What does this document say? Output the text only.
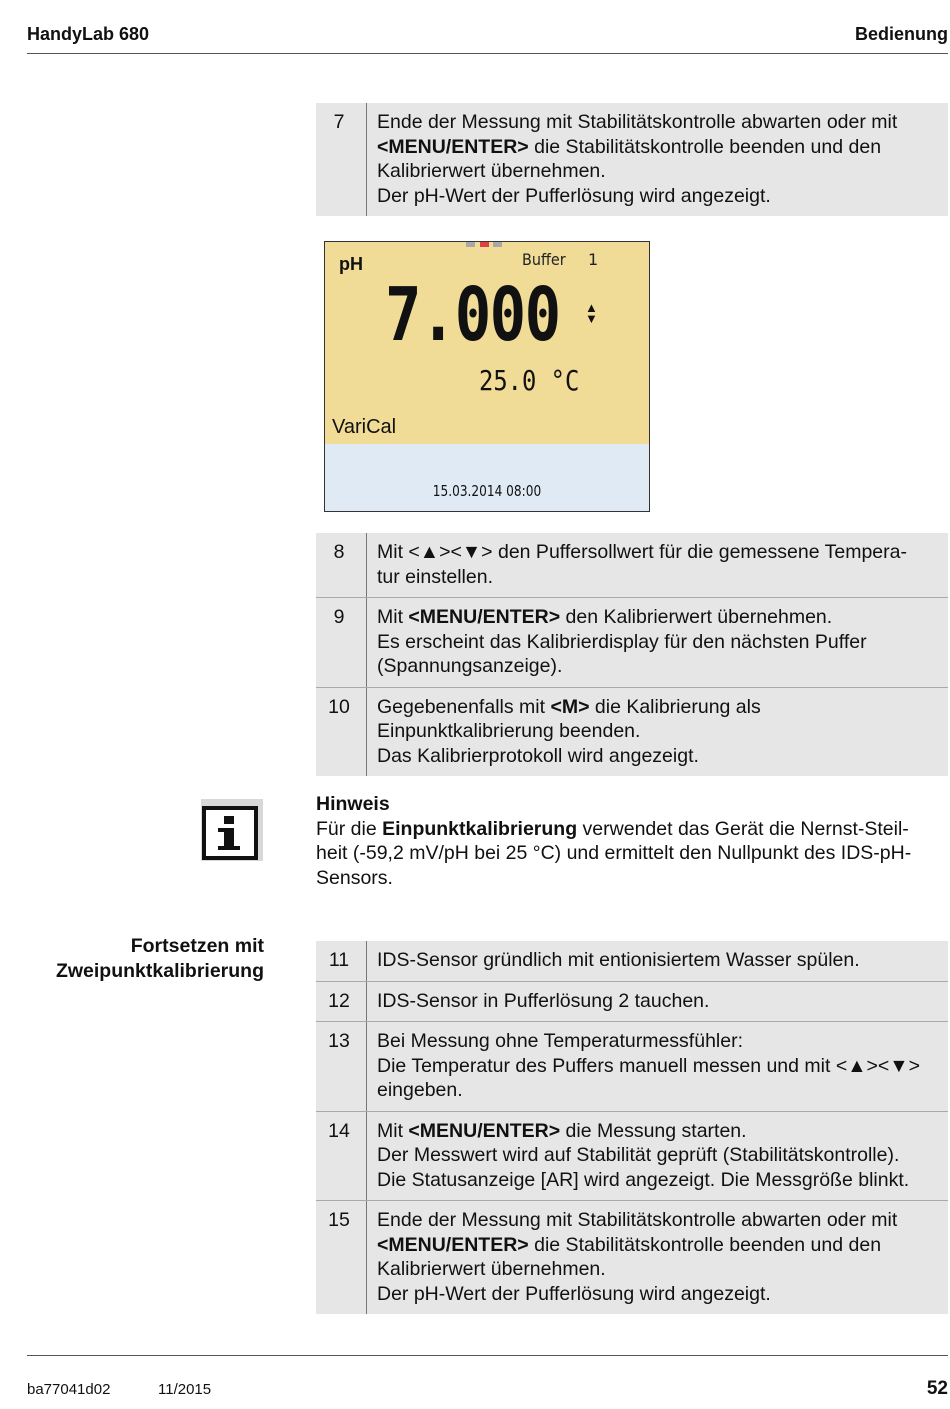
HandyLab 680	Bedienung
7	Ende der Messung mit Stabilitätskontrolle abwarten oder mit
<MENU/ENTER> die Stabilitätskontrolle beenden und den
Kalibrierwert übernehmen.
Der pH-Wert der Pufferlösung wird angezeigt.
pH	Buffer 1
7.000 ▲
▼
25.0 °C
VariCal
15.03.2014 08:00
8	Mit <▲><▼> den Puffersollwert für die gemessene Tempera-
tur einstellen.
9	Mit <MENU/ENTER> den Kalibrierwert übernehmen.
Es erscheint das Kalibrierdisplay für den nächsten Puffer
(Spannungsanzeige).
10	Gegebenenfalls mit <M> die Kalibrierung als
Einpunktkalibrierung beenden.
Das Kalibrierprotokoll wird angezeigt.
Hinweis
Für die Einpunktkalibrierung verwendet das Gerät die Nernst-Steil-
heit (-59,2 mV/pH bei 25 °C) und ermittelt den Nullpunkt des IDS-pH-
Sensors.
Fortsetzen mit
Zweipunktkalibrierung	11	IDS-Sensor gründlich mit entionisiertem Wasser spülen.
12	IDS-Sensor in Pufferlösung 2 tauchen.
13	Bei Messung ohne Temperaturmessfühler:
Die Temperatur des Puffers manuell messen und mit <▲><▼>
eingeben.
14	Mit <MENU/ENTER> die Messung starten.
Der Messwert wird auf Stabilität geprüft (Stabilitätskontrolle).
Die Statusanzeige [AR] wird angezeigt. Die Messgröße blinkt.
15	Ende der Messung mit Stabilitätskontrolle abwarten oder mit
<MENU/ENTER> die Stabilitätskontrolle beenden und den
Kalibrierwert übernehmen.
Der pH-Wert der Pufferlösung wird angezeigt.
ba77041d02	11/2015	52
